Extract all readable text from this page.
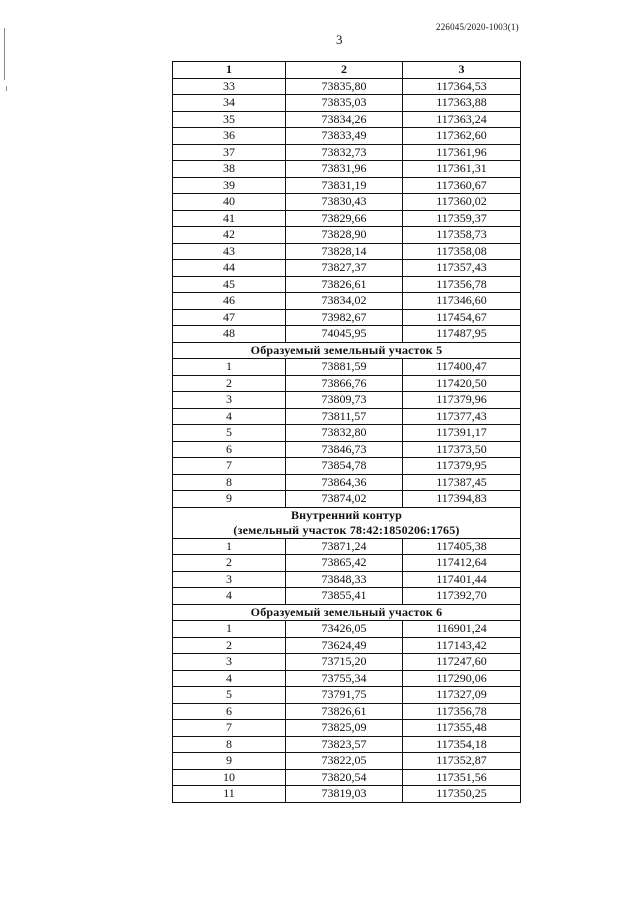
226045/2020-1003(1)
3
1	2	3
33	73835,80	117364,53
34	73835,03	117363,88
35	73834,26	117363,24
36	73833,49	117362,60
37	73832,73	117361,96
38	73831,96	117361,31
39	73831,19	117360,67
40	73830,43	117360,02
41	73829,66	117359,37
42	73828,90	117358,73
43	73828,14	117358,08
44	73827,37	117357,43
45	73826,61	117356,78
46	73834,02	117346,60
47	73982,67	117454,67
48	74045,95	117487,95

Образуемый земельный участок 5		

1	73881,59	117400,47
2	73866,76	117420,50
3	73809,73	117379,96
4	73811,57	117377,43
5	73832,80	117391,17
6	73846,73	117373,50
7	73854,78	117379,95
8	73864,36	117387,45
9	73874,02	117394,83

Внутренний контур
(земельный участок 78:42:1850206:1765)		

1	73871,24	117405,38
2	73865,42	117412,64
3	73848,33	117401,44
4	73855,41	117392,70

Образуемый земельный участок 6		

1	73426,05	116901,24
2	73624,49	117143,42
3	73715,20	117247,60
4	73755,34	117290,06
5	73791,75	117327,09
6	73826,61	117356,78
7	73825,09	117355,48
8	73823,57	117354,18
9	73822,05	117352,87
10	73820,54	117351,56
11	73819,03	117350,25
